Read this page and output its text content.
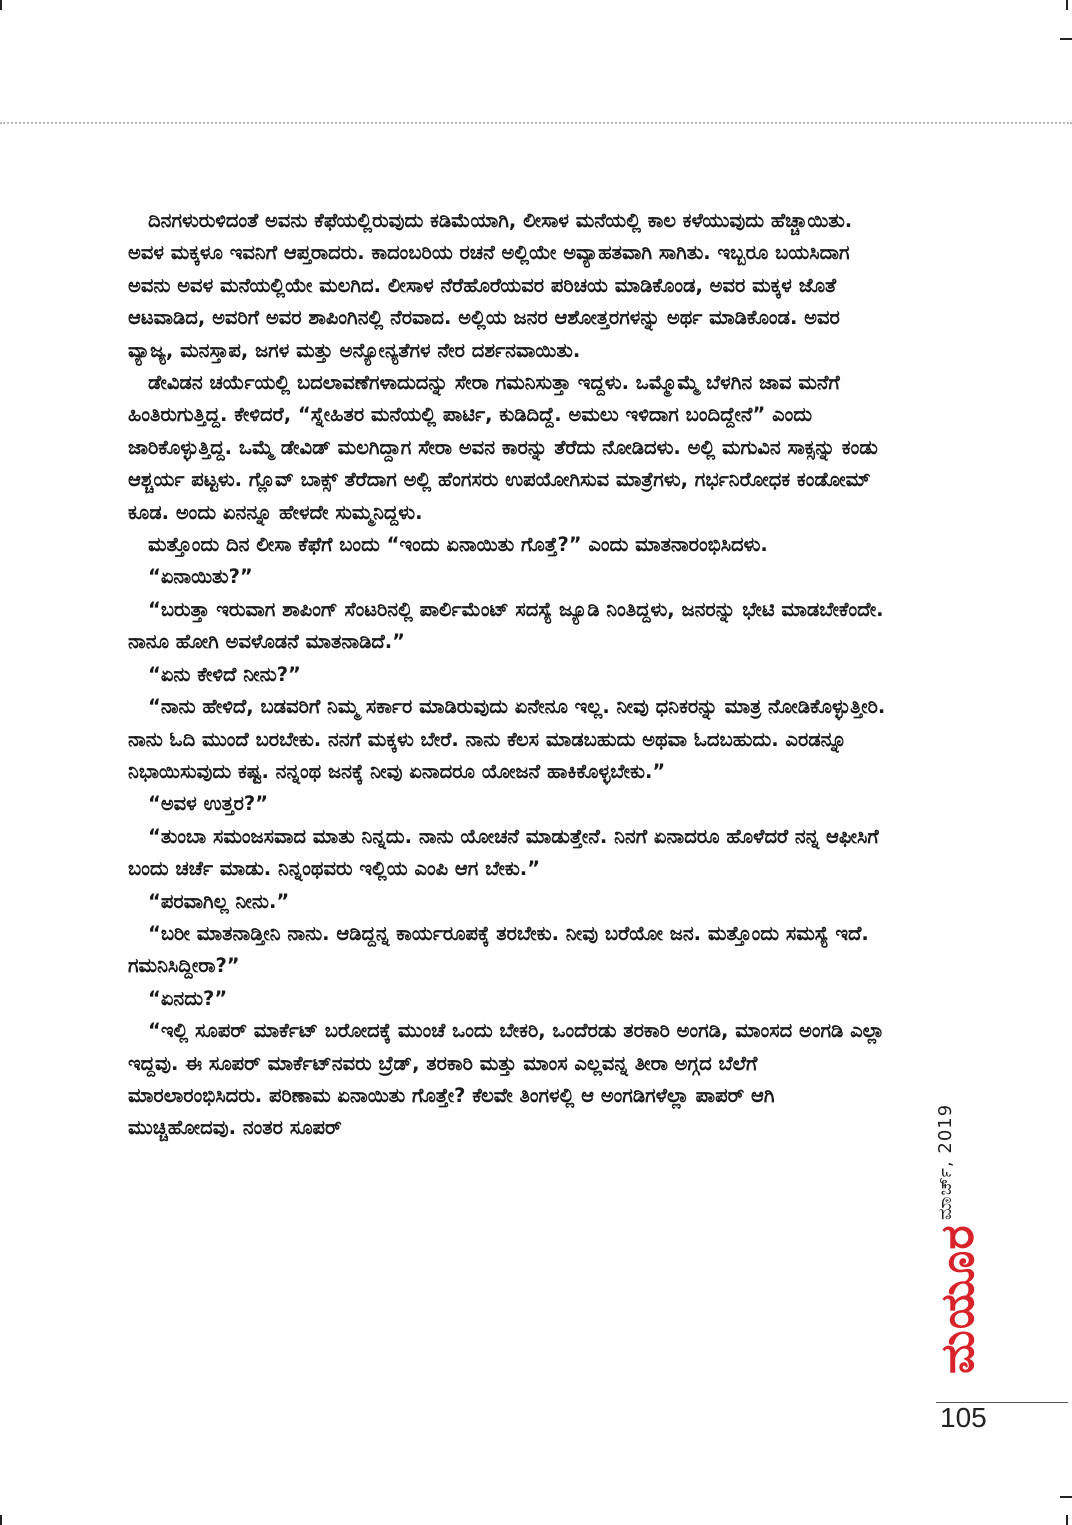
ದಿನಗಳುರುಳಿದಂತೆ ಅವನು ಕೆಫೆಯಲ್ಲಿರುವುದು ಕಡಿಮೆಯಾಗಿ, ಲೀಸಾಳ ಮನೆಯಲ್ಲಿ ಕಾಲ ಕಳೆಯುವುದು ಹೆಚ್ಚಾಯಿತು. ಅವಳ ಮಕ್ಕಳೂ ಇವನಿಗೆ ಆಪ್ತರಾದರು. ಕಾದಂಬರಿಯ ರಚನೆ ಅಲ್ಲಿಯೇ ಅವ್ಯಾಹತವಾಗಿ ಸಾಗಿತು. ಇಬ್ಬರೂ ಬಯಸಿದಾಗ ಅವನು ಅವಳ ಮನೆಯಲ್ಲಿಯೇ ಮಲಗಿದ. ಲೀಸಾಳ ನೆರೆಹೊರೆಯವರ ಪರಿಚಯ ಮಾಡಿಕೊಂಡ, ಅವರ ಮಕ್ಕಳ ಜೊತೆ ಆಟವಾಡಿದ, ಅವರಿಗೆ ಅವರ ಶಾಪಿಂಗಿನಲ್ಲಿ ನೆರವಾದ. ಅಲ್ಲಿಯ ಜನರ ಆಶೋತ್ತರಗಳನ್ನು ಅರ್ಥ ಮಾಡಿಕೊಂಡ. ಅವರ ವ್ಯಾಜ್ಯ, ಮನಸ್ತಾಪ, ಜಗಳ ಮತ್ತು ಅನ್ಯೋನ್ಯತೆಗಳ ನೇರ ದರ್ಶನವಾಯಿತು.

ಡೇವಿಡನ ಚರ್ಯೆಯಲ್ಲಿ ಬದಲಾವಣೆಗಳಾದುದನ್ನು ಸೇರಾ ಗಮನಿಸುತ್ತಾ ಇದ್ದಳು. ಒಮ್ಮೊಮ್ಮೆ ಬೆಳಗಿನ ಜಾವ ಮನೆಗೆ ಹಿಂತಿರುಗುತ್ತಿದ್ದ. ಕೇಳಿದರೆ, “ಸ್ನೇಹಿತರ ಮನೆಯಲ್ಲಿ ಪಾರ್ಟಿ, ಕುಡಿದಿದ್ದೆ. ಅಮಲು ಇಳಿದಾಗ ಬಂದಿದ್ದೇನೆ” ಎಂದು ಜಾರಿಕೊಳ್ಳುತ್ತಿದ್ದ. ಒಮ್ಮೆ ಡೇವಿಡ್ ಮಲಗಿದ್ದಾಗ ಸೇರಾ ಅವನ ಕಾರನ್ನು ತೆರೆದು ನೋಡಿದಳು. ಅಲ್ಲಿ ಮಗುವಿನ ಸಾಕ್ಸನ್ನು ಕಂಡು ಆಶ್ಚರ್ಯ ಪಟ್ಟಳು. ಗ್ಲೊವ್ ಬಾಕ್ಸ್ ತೆರೆದಾಗ ಅಲ್ಲಿ ಹೆಂಗಸರು ಉಪಯೋಗಿಸುವ ಮಾತ್ರೆಗಳು, ಗರ್ಭನಿರೋಧಕ ಕಂಡೋಮ್ ಕೂಡ. ಅಂದು ಏನನ್ನೂ ಹೇಳದೇ ಸುಮ್ಮನಿದ್ದಳು.

ಮತ್ತೊಂದು ದಿನ ಲೀಸಾ ಕೆಫೆಗೆ ಬಂದು “ಇಂದು ಏನಾಯಿತು ಗೊತ್ತೆ?” ಎಂದು ಮಾತನಾರಂಭಿಸಿದಳು.

“ಏನಾಯಿತು?”

“ಬರುತ್ತಾ ಇರುವಾಗ ಶಾಪಿಂಗ್ ಸೆಂಟರಿನಲ್ಲಿ ಪಾರ್ಲಿಮೆಂಟ್ ಸದಸ್ಯೆ ಜ್ಯೂಡಿ ನಿಂತಿದ್ದಳು, ಜನರನ್ನು ಭೇಟಿ ಮಾಡಬೇಕೆಂದೇ. ನಾನೂ ಹೋಗಿ ಅವಳೊಡನೆ ಮಾತನಾಡಿದೆ.”

“ಏನು ಕೇಳಿದೆ ನೀನು?”

“ನಾನು ಹೇಳಿದೆ, ಬಡವರಿಗೆ ನಿಮ್ಮ ಸರ್ಕಾರ ಮಾಡಿರುವುದು ಏನೇನೂ ಇಲ್ಲ. ನೀವು ಧನಿಕರನ್ನು ಮಾತ್ರ ನೋಡಿಕೊಳ್ಳುತ್ತೀರಿ. ನಾನು ಓದಿ ಮುಂದೆ ಬರಬೇಕು. ನನಗೆ ಮಕ್ಕಳು ಬೇರೆ. ನಾನು ಕೆಲಸ ಮಾಡಬಹುದು ಅಥವಾ ಓದಬಹುದು. ಎರಡನ್ನೂ ನಿಭಾಯಿಸುವುದು ಕಷ್ಟ. ನನ್ನಂಥ ಜನಕ್ಕೆ ನೀವು ಏನಾದರೂ ಯೋಜನೆ ಹಾಕಿಕೊಳ್ಳಬೇಕು.”

“ಅವಳ ಉತ್ತರ?”

“ತುಂಬಾ ಸಮಂಜಸವಾದ ಮಾತು ನಿನ್ನದು. ನಾನು ಯೋಚನೆ ಮಾಡುತ್ತೇನೆ. ನಿನಗೆ ಏನಾದರೂ ಹೊಳೆದರೆ ನನ್ನ ಆಫೀಸಿಗೆ ಬಂದು ಚರ್ಚೆ ಮಾಡು. ನಿನ್ನಂಥವರು ಇಲ್ಲಿಯ ಎಂಪಿ ಆಗ ಬೇಕು.”

“ಪರವಾಗಿಲ್ಲ ನೀನು.”

“ಬರೀ ಮಾತನಾಡ್ತೀನಿ ನಾನು. ಆಡಿದ್ದನ್ನ ಕಾರ್ಯರೂಪಕ್ಕೆ ತರಬೇಕು. ನೀವು ಬರೆಯೋ ಜನ. ಮತ್ತೊಂದು ಸಮಸ್ಯೆ ಇದೆ. ಗಮನಿಸಿದ್ದೀರಾ?”

“ಏನದು?”

“ಇಲ್ಲಿ ಸೂಪರ್ ಮಾರ್ಕೆಟ್ ಬರೋದಕ್ಕೆ ಮುಂಚೆ ಒಂದು ಬೇಕರಿ, ಒಂದೆರಡು ತರಕಾರಿ ಅಂಗಡಿ, ಮಾಂಸದ ಅಂಗಡಿ ಎಲ್ಲಾ ಇದ್ದವು. ಈ ಸೂಪರ್ ಮಾರ್ಕೆಟ್‌ನವರು ಬ್ರೆಡ್, ತರಕಾರಿ ಮತ್ತು ಮಾಂಸ ಎಲ್ಲವನ್ನ ತೀರಾ ಅಗ್ಗದ ಬೆಲೆಗೆ ಮಾರಲಾರಂಭಿಸಿದರು. ಪರಿಣಾಮ ಏನಾಯಿತು ಗೊತ್ತೇ? ಕೆಲವೇ ತಿಂಗಳಲ್ಲಿ ಆ ಅಂಗಡಿಗಳೆಲ್ಲಾ ಪಾಪರ್ ಆಗಿ ಮುಚ್ಚಿಹೋದವು. ನಂತರ ಸೂಪರ್	ಮಾರ್ಚ್, 2019
ಮಯೂರ
105
